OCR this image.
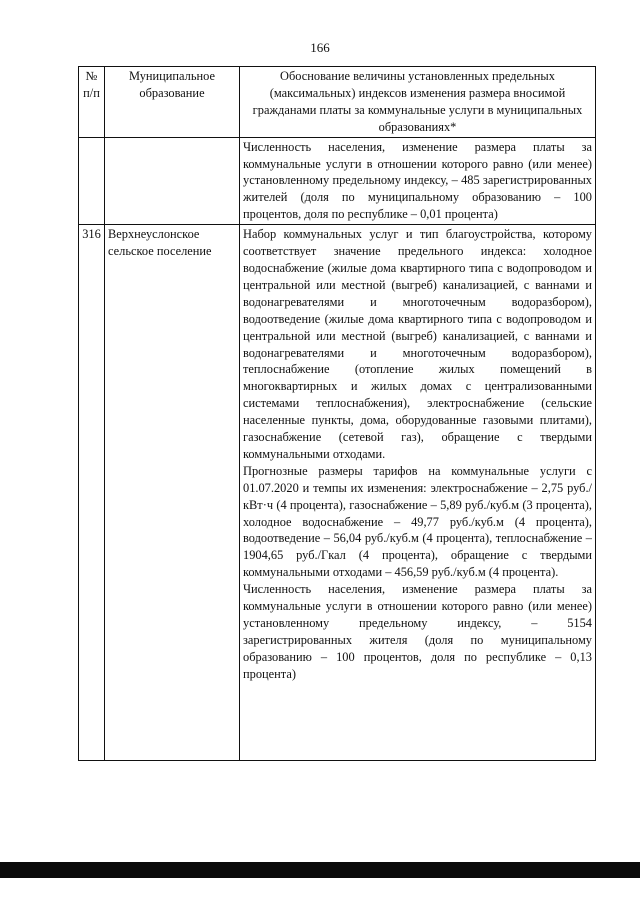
166
№ п/п	Муниципальное образование	Обоснование величины установленных предельных (максимальных) индексов изменения размера вносимой гражданами платы за коммунальные услуги в муниципальных образованиях*

		Численность населения, изменение размера платы за коммунальные услуги в отношении которого равно (или менее) установленному предельному индексу, – 485 зарегистрированных жителей (доля по муниципальному образованию – 100 процентов, доля по республике – 0,01 процента)

316	Верхнеуслонское сельское поселение	Набор коммунальных услуг и тип благоустройства, которому соответствует значение предельного индекса: холодное водоснабжение (жилые дома квартирного типа с водопроводом и центральной или местной (выгреб) канализацией, с ваннами и водонагревателями и многоточечным водоразбором), водоотведение (жилые дома квартирного типа с водопроводом и центральной или местной (выгреб) канализацией, с ваннами и водонагревателями и многоточечным водоразбором), теплоснабжение (отопление жилых помещений в многоквартирных и жилых домах с централизованными системами теплоснабжения), электроснабжение (сельские населенные пункты, дома, оборудованные газовыми плитами), газоснабжение (сетевой газ), обращение с твердыми коммунальными отходами.

Прогнозные размеры тарифов на коммунальные услуги с 01.07.2020 и темпы их изменения: электроснабжение – 2,75 руб./кВт·ч (4 процента), газоснабжение – 5,89 руб./куб.м (3 процента), холодное водоснабжение – 49,77 руб./куб.м (4 процента), водоотведение – 56,04 руб./куб.м (4 процента), теплоснабжение – 1904,65 руб./Гкал (4 процента), обращение с твердыми коммунальными отходами – 456,59 руб./куб.м (4 процента).

Численность населения, изменение размера платы за коммунальные услуги в отношении которого равно (или менее) установленному предельному индексу, – 5154 зарегистрированных жителя (доля по муниципальному образованию – 100 процентов, доля по республике – 0,13 процента)
